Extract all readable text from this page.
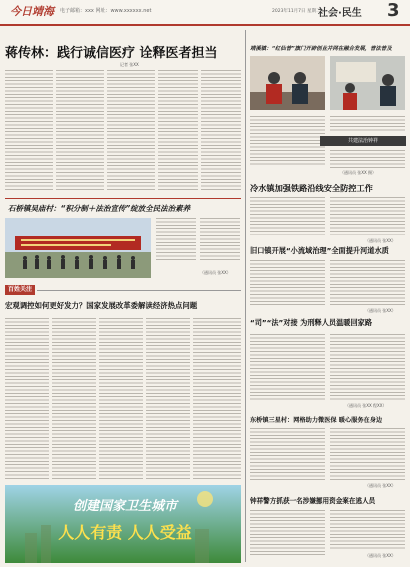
今日靖海	电子邮箱：xxx 网址：www.xxxxxx.net	2023年11月7日 星期二
社会·民生 3
蒋传林：践行诚信医疗 诠释医者担当
记者 张XX
石桥镇吴庙村：“积分制＋法治宣传”绽放全民法治素养
（通讯员 张XX）
百姓关注
宏观调控如何更好发力？国家发展改革委解读经济热点问题
创建国家卫生城市
人人有责 人人受益
靖溪镇：“红仙普”旗门开辟创业并网在融合发展，普法普及
共建法治钟祥
（通讯员 张XX 摄）
冷水镇加强铁路沿线安全防控工作
（通讯员 张XX）
旧口镇开展“小流域治理”全面提升河道水质
（通讯员 张XX）
“司”“法”对接 为刑释人员温暖回家路
（通讯员 张XX 程XX）
东桥镇三星村：网格助力微医保 暖心服务在身边
（通讯员 张XX）
钟祥警方抓获一名涉嫌挪用资金案在逃人员
（通讯员 张XX）
